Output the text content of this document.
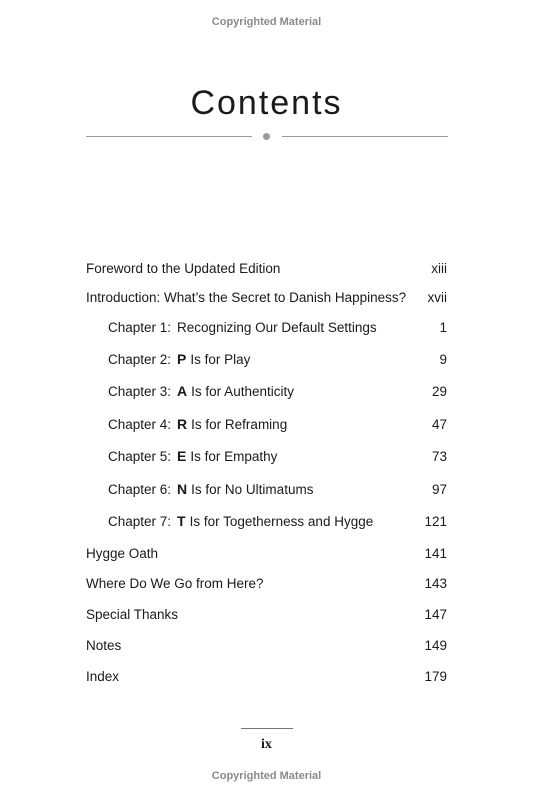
Copyrighted Material
Contents
Foreword to the Updated Edition	xiii
Introduction: What’s the Secret to Danish Happiness? xvii
Chapter 1: Recognizing Our Default Settings	1
Chapter 2: P Is for Play	9
Chapter 3: A Is for Authenticity	29
Chapter 4: R Is for Reframing	47
Chapter 5: E Is for Empathy	73
Chapter 6: N Is for No Ultimatums	97
Chapter 7: T Is for Togetherness and Hygge	121
Hygge Oath	141
Where Do We Go from Here?	143
Special Thanks	147
Notes	149
Index	179
ix
Copyrighted Material
